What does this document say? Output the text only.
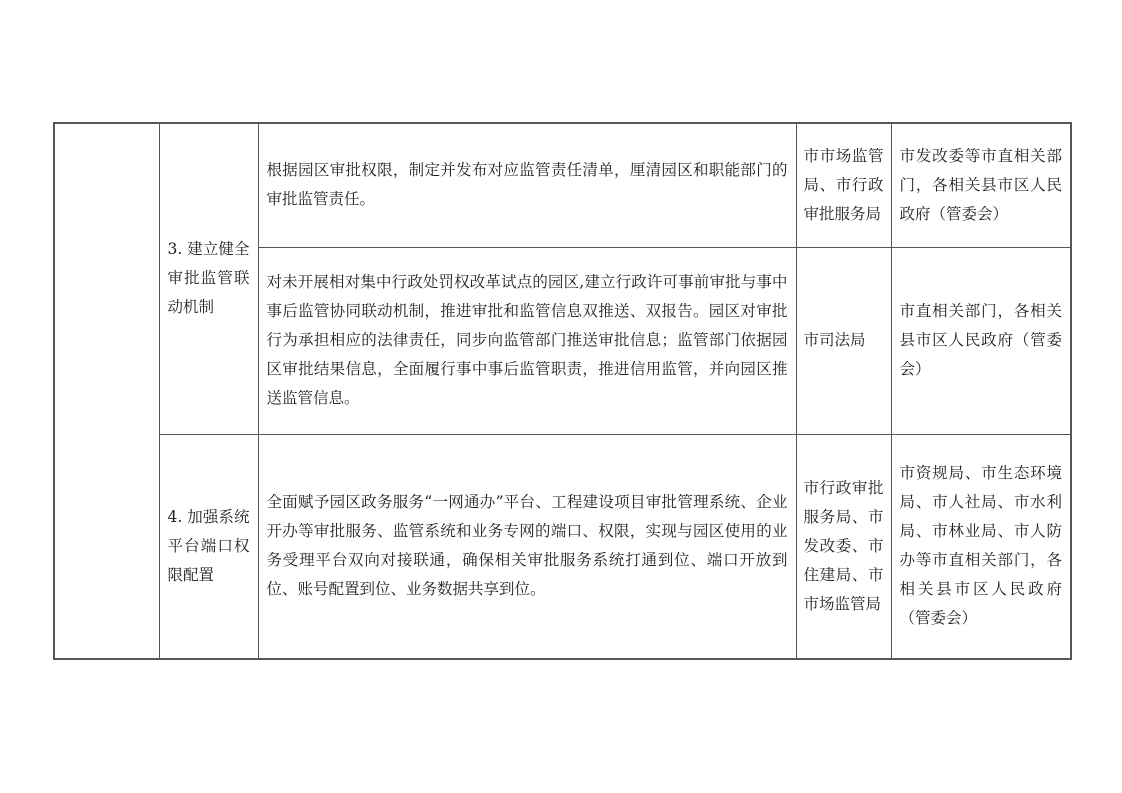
	3. 建立健全审批监管联动机制	根据园区审批权限，制定并发布对应监管责任清单，厘清园区和职能部门的审批监管责任。	市市场监管局、市行政审批服务局	市发改委等市直相关部门，各相关县市区人民政府（管委会）
		对未开展相对集中行政处罚权改革试点的园区,建立行政许可事前审批与事中事后监管协同联动机制，推进审批和监管信息双推送、双报告。园区对审批行为承担相应的法律责任，同步向监管部门推送审批信息；监管部门依据园区审批结果信息，全面履行事中事后监管职责，推进信用监管，并向园区推送监管信息。	市司法局	市直相关部门，各相关县市区人民政府（管委会）
	4. 加强系统平台端口权限配置	全面赋予园区政务服务“一网通办”平台、工程建设项目审批管理系统、企业开办等审批服务、监管系统和业务专网的端口、权限，实现与园区使用的业务受理平台双向对接联通，确保相关审批服务系统打通到位、端口开放到位、账号配置到位、业务数据共享到位。	市行政审批服务局、市发改委、市住建局、市市场监管局	市资规局、市生态环境局、市人社局、市水利局、市林业局、市人防办等市直相关部门，各相关县市区人民政府（管委会）
